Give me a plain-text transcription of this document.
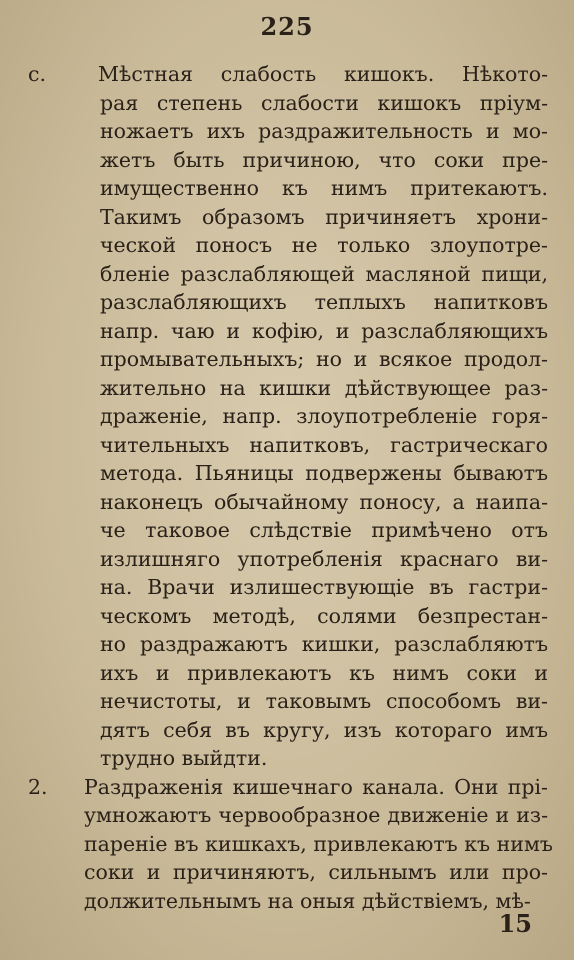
225
c.	Мѣстная слабость кишокъ. Нѣкото-
рая степень слабости кишокъ пріум-
ножаетъ ихъ раздражительность и мо-
жетъ быть причиною, что соки пре-
имущественно къ нимъ притекаютъ.
Такимъ образомъ причиняетъ хрони-
ческой поносъ не только злоупотре-
бленіе разслабляющей масляной пищи,
разслабляющихъ теплыхъ напитковъ
напр. чаю и кофію, и разслабляющихъ
промывательныхъ; но и всякое продол-
жительно на кишки дѣйствующее раз-
драженіе, напр. злоупотребленіе горя-
чительныхъ напитковъ, гастрическаго
метода. Пьяницы подвержены бываютъ
наконецъ обычайному поносу, а наипа-
че таковое слѣдствіе примѣчено отъ
излишняго употребленія краснаго ви-
на. Врачи излишествующіе въ гастри-
ческомъ методѣ, солями безпрестан-
но раздражаютъ кишки, разслабляютъ
ихъ и привлекаютъ къ нимъ соки и
нечистоты, и таковымъ способомъ ви-
дятъ себя въ кругу, изъ котораго имъ
трудно выйдти.
2.	Раздраженія кишечнаго канала. Они прі-
умножаютъ червообразное движеніе и из-
пареніе въ кишкахъ, привлекаютъ къ нимъ
соки и причиняютъ, сильнымъ или про-
должительнымъ на оныя дѣйствіемъ, мѣ-
15
